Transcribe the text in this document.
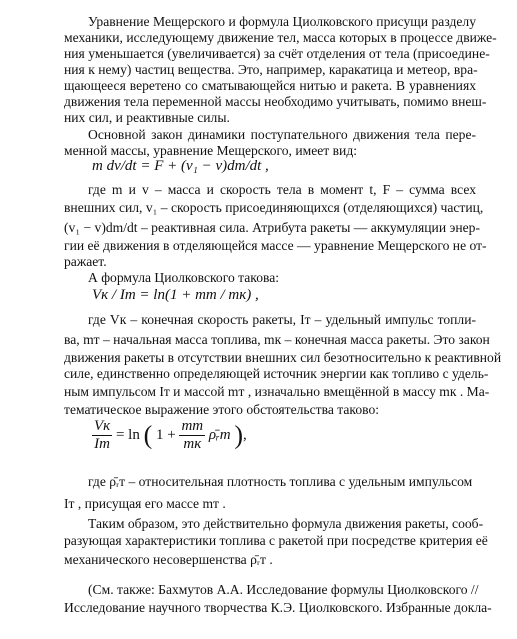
Уравнение Мещерского и формула Циолковского присущи разделу
механики, исследующему движение тел, масса которых в процессе движе-
ния уменьшается (увеличивается) за счёт отделения от тела (присоедине-
ния к нему) частиц вещества. Это, например, каракатица и метеор, вра-
щающееся веретено со сматывающейся нитью и ракета. В уравнениях
движения тела переменной массы необходимо учитывать, помимо внеш-
них сил, и реактивные силы.
Основной закон динамики поступательного движения тела пере-
менной массы, уравнение Мещерского, имеет вид:
m dv/dt = F + (v₁ − v)dm/dt ,
где m и v – масса и скорость тела в момент t, F – сумма всех
внешних сил, v₁ – скорость присоединяющихся (отделяющихся) частиц,
(v₁ − v)dm/dt – реактивная сила. Атрибута ракеты — аккумуляции энер-
гии её движения в отделяющейся массе — уравнение Мещерского не от-
ражает.
А формула Циолковского такова:
Vк / Iт = ln(1 + mт / mк) ,
где Vк – конечная скорость ракеты, Iт – удельный импульс топли-
ва, mт – начальная масса топлива, mк – конечная масса ракеты. Это закон
движения ракеты в отсутствии внешних сил безотносительно к реактивной
силе, единственно определяющей источник энергии как топливо с удель-
ным импульсом Iт и массой mт , изначально вмещённой в массу mк . Ма-
тематическое выражение этого обстоятельства таково:
$\frac{Vк}{Iт} = \ln$ ( $1 + \frac{mт}{mк}$ ρ̄ᵣт ),
где ρ̄ᵣт – относительная плотность топлива с удельным импульсом
Iт , присущая его массе mт .
Таким образом, это действительно формула движения ракеты, сооб-
разующая характеристики топлива с ракетой при посредстве критерия её
механического несовершенства ρ̄ᵣт .
(См. также: Бахмутов А.А. Исследование формулы Циолковского //
Исследование научного творчества К.Э. Циолковского. Избранные докла-
